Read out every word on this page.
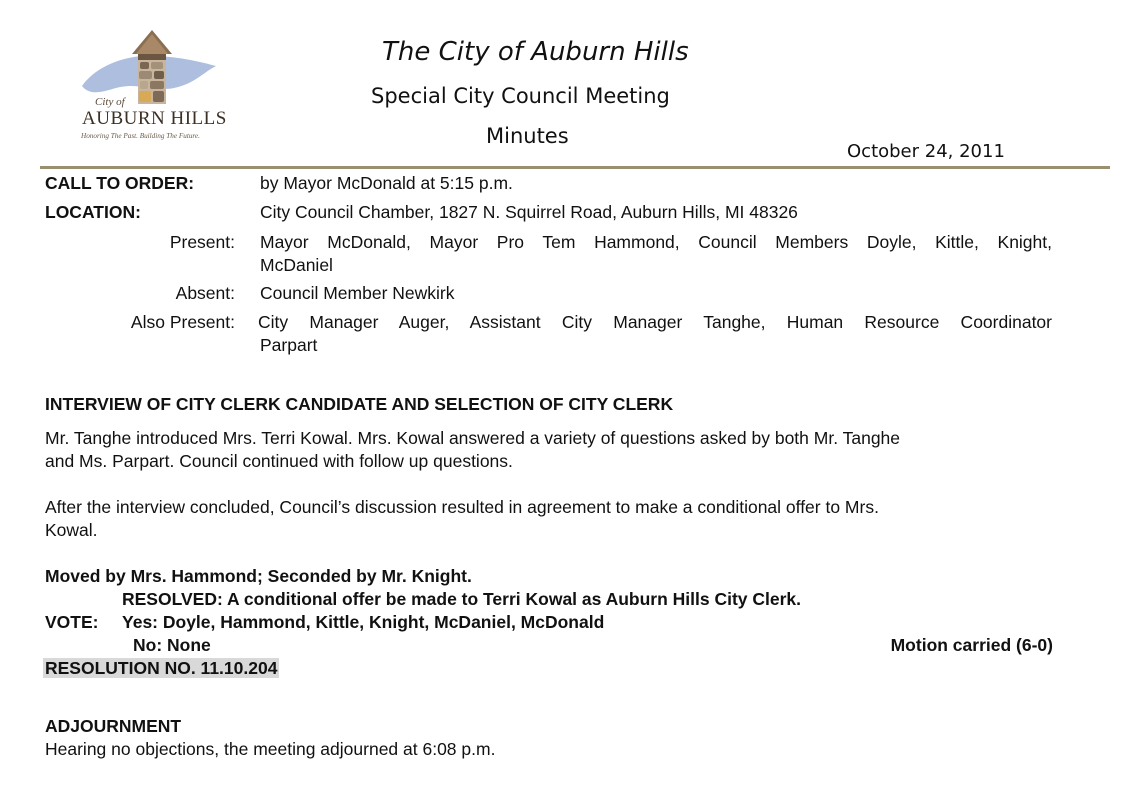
City of
AUBURN HILLS
Honoring The Past. Building The Future.
The City of Auburn Hills
Special City Council Meeting
Minutes
October 24, 2011
CALL TO ORDER:	by Mayor McDonald at 5:15 p.m.
LOCATION:	City Council Chamber, 1827 N. Squirrel Road, Auburn Hills, MI 48326
Present: Mayor McDonald, Mayor Pro Tem Hammond, Council Members Doyle, Kittle, Knight,
McDaniel
Absent: Council Member Newkirk
Also Present: City Manager Auger, Assistant City Manager Tanghe, Human Resource Coordinator
Parpart
INTERVIEW OF CITY CLERK CANDIDATE AND SELECTION OF CITY CLERK
Mr. Tanghe introduced Mrs. Terri Kowal. Mrs. Kowal answered a variety of questions asked by both Mr. Tanghe
and Ms. Parpart. Council continued with follow up questions.
After the interview concluded, Council’s discussion resulted in agreement to make a conditional offer to Mrs.
Kowal.
Moved by Mrs. Hammond; Seconded by Mr. Knight.
RESOLVED: A conditional offer be made to Terri Kowal as Auburn Hills City Clerk.
VOTE: Yes: Doyle, Hammond, Kittle, Knight, McDaniel, McDonald
No: None	Motion carried (6-0)
RESOLUTION NO. 11.10.204
ADJOURNMENT
Hearing no objections, the meeting adjourned at 6:08 p.m.
